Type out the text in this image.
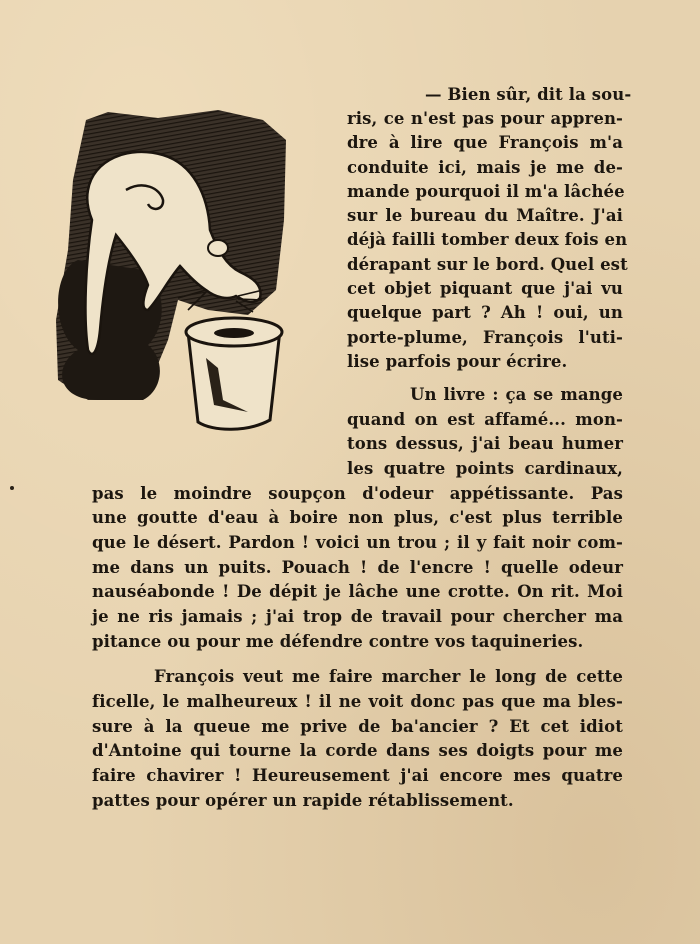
— Bien sûr, dit la sou-
ris, ce n'est pas pour appren-
dre à lire que François m'a
conduite ici, mais je me de-
mande pourquoi il m'a lâchée
sur le bureau du Maître. J'ai
déjà failli tomber deux fois en
dérapant sur le bord. Quel est
cet objet piquant que j'ai vu
quelque part ? Ah ! oui, un
porte-plume, François l'uti-
lise parfois pour écrire.
Un livre : ça se mange
quand on est affamé... mon-
tons dessus, j'ai beau humer
les quatre points cardinaux,
pas le moindre soupçon d'odeur appétissante. Pas
une goutte d'eau à boire non plus, c'est plus terrible
que le désert. Pardon ! voici un trou ; il y fait noir com-
me dans un puits. Pouach ! de l'encre ! quelle odeur
nauséabonde ! De dépit je lâche une crotte. On rit. Moi
je ne ris jamais ; j'ai trop de travail pour chercher ma
pitance ou pour me défendre contre vos taquineries.
François veut me faire marcher le long de cette
ficelle, le malheureux ! il ne voit donc pas que ma bles-
sure à la queue me prive de ba'ancier ? Et cet idiot
d'Antoine qui tourne la corde dans ses doigts pour me
faire chavirer ! Heureusement j'ai encore mes quatre
pattes pour opérer un rapide rétablissement.
